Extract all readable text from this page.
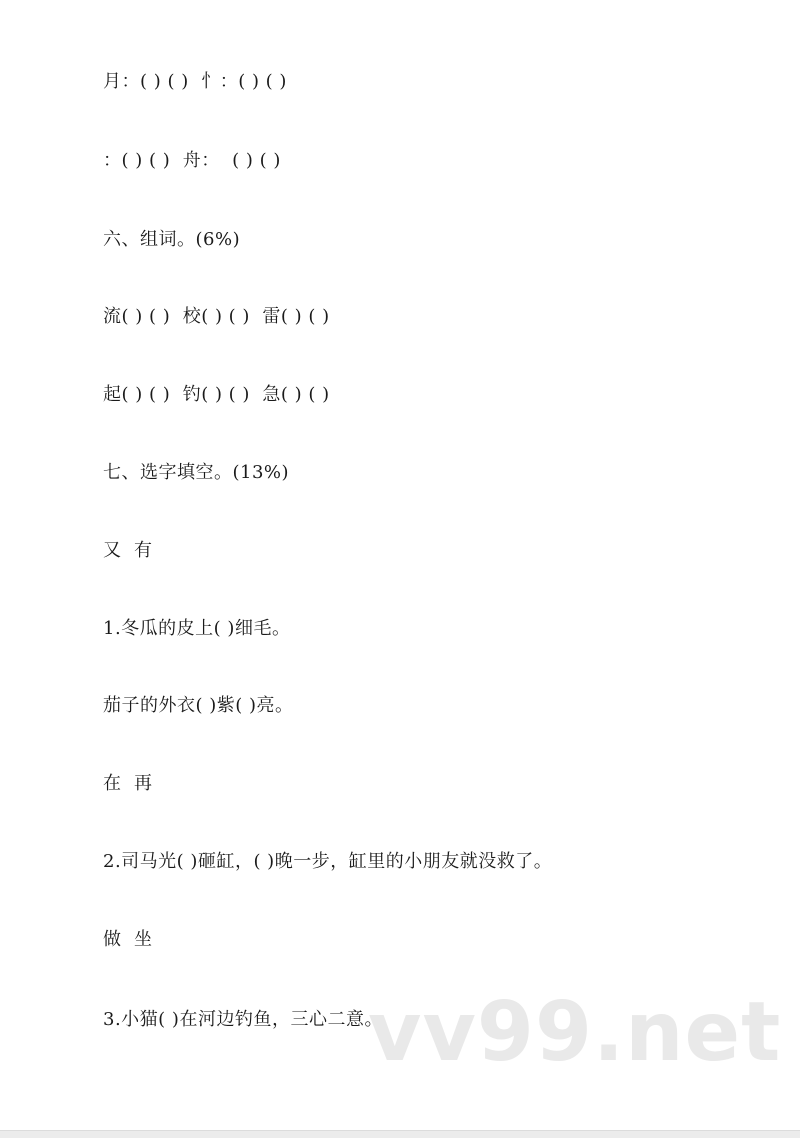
月：( ) ( )  忄：( ) ( )
：( ) ( )  舟：  ( ) ( )
六、组词。(6%)
流( ) ( )  校( ) ( )  雷( ) ( )
起( ) ( )  钓( ) ( )  急( ) ( )
七、选字填空。(13%)
又  有
1.冬瓜的皮上( )细毛。
茄子的外衣( )紫( )亮。
在  再
2.司马光( )砸缸，( )晚一步，缸里的小朋友就没救了。
做  坐
3.小猫( )在河边钓鱼，三心二意。
vv99.net
